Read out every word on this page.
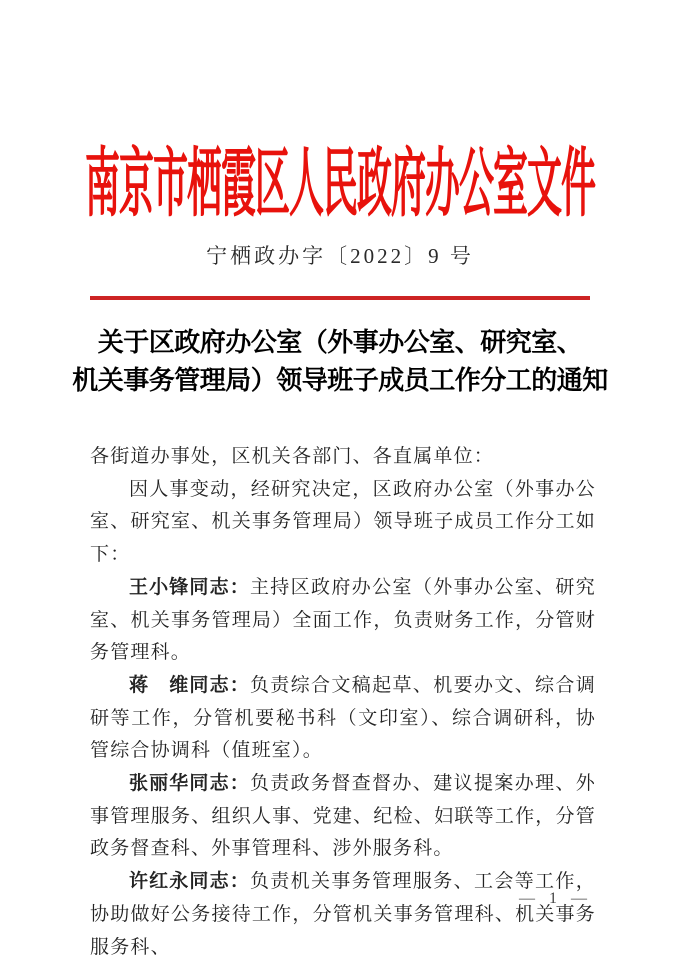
南京市栖霞区人民政府办公室文件
宁栖政办字〔2022〕9 号
关于区政府办公室（外事办公室、研究室、
机关事务管理局）领导班子成员工作分工的通知

各街道办事处，区机关各部门、各直属单位：

因人事变动，经研究决定，区政府办公室（外事办公室、研究室、机关事务管理局）领导班子成员工作分工如下：

王小锋同志：主持区政府办公室（外事办公室、研究室、机关事务管理局）全面工作，负责财务工作，分管财务管理科。

蒋　维同志：负责综合文稿起草、机要办文、综合调研等工作，分管机要秘书科（文印室）、综合调研科，协管综合协调科（值班室）。

张丽华同志：负责政务督查督办、建议提案办理、外事管理服务、组织人事、党建、纪检、妇联等工作，分管政务督查科、外事管理科、涉外服务科。

许红永同志：负责机关事务管理服务、工会等工作，协助做好公务接待工作，分管机关事务管理科、机关事务服务科、

— 1 —
